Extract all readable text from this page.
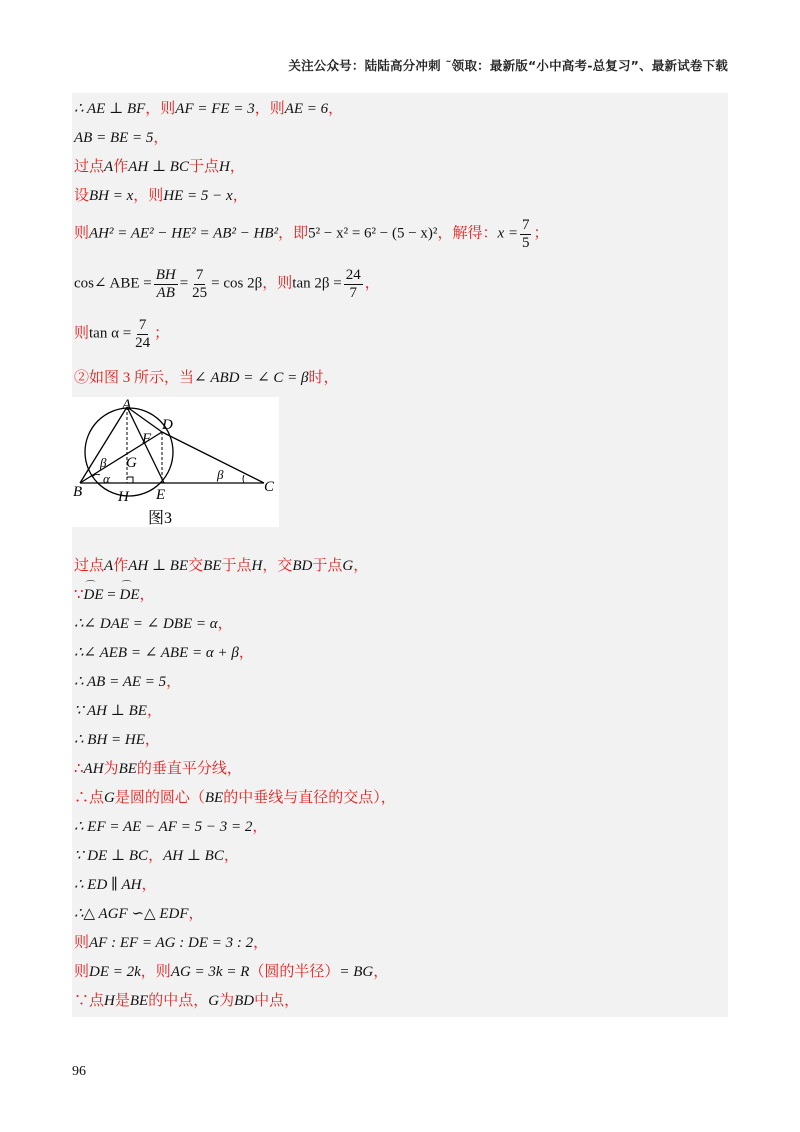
关注公众号：陆陆高分冲刺 ˜领取：最新版“小中高考-总复习”、最新试卷下载
∴ AE ⊥ BF，则AF = FE = 3，则AE = 6，
AB = BE = 5，
过点A作AH ⊥ BC于点H，
设BH = x，则HE = 5 − x，
则AH² = AE² − HE² = AB² − HB²，即5² − x² = 6² − (5 − x)²，解得：$x = \frac{7}{5}$ ；
cos∠ ABE = $\frac{BH}{AB} = \frac{7}{25} = \cos 2\beta$，则$\tan 2\beta = \frac{24}{7}$ ，
则$\tan \alpha = \frac{7}{24}$ ；
②如图 3 所示，当∠ ABD = ∠ C = β时，
A
D
F
G
B H E	C
β
α	β
图3
过点A作AH ⊥ BE交BE于点H，交BD于点G，
∵⌒ DE = ⌒ DE，
∴∠ DAE = ∠ DBE = α，
∴∠ AEB = ∠ ABE = α + β，
∴ AB = AE = 5，
∵ AH ⊥ BE，
∴ BH = HE，
∴AH为BE的垂直平分线，
∴点G是圆的圆心（BE的中垂线与直径的交点），
∴ EF = AE − AF = 5 − 3 = 2，
∵ DE ⊥ BC，AH ⊥ BC，
∴ ED ∥ AH，
∴△ AGF ∽△ EDF，
则AF : EF = AG : DE = 3 : 2，
则DE = 2k，则AG = 3k = R（圆的半径）= BG，
∵点H是BE的中点，G为BD中点，
96
